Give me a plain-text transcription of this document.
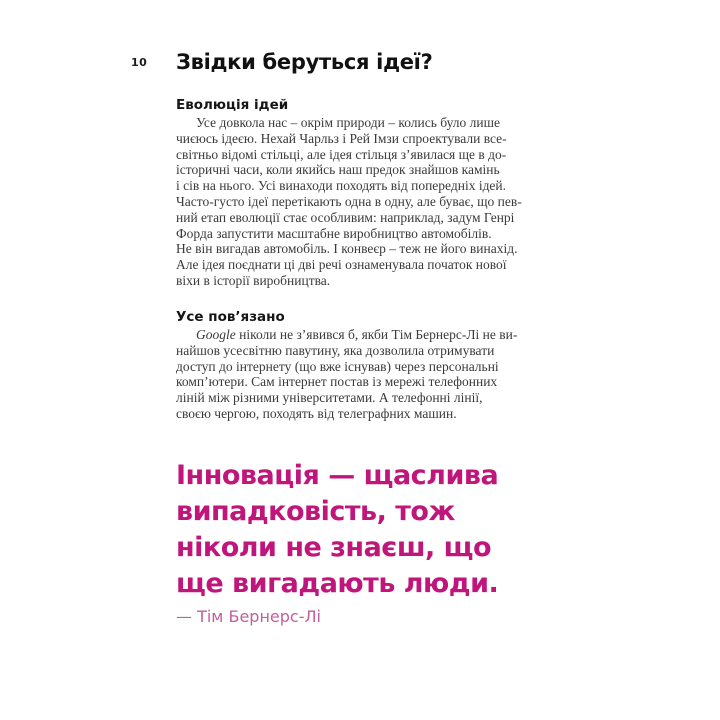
10 Звідки беруться ідеї?
Еволюція ідей

Усе довкола нас – окрім природи – колись було лише
чиєюсь ідеєю. Нехай Чарльз і Рей Імзи спроектували все-
світньо відомі стільці, але ідея стільця з’явилася ще в до-
історичні часи, коли якийсь наш предок знайшов камінь
і сів на нього. Усі винаходи походять від попередніх ідей.
Часто-густо ідеї перетікають одна в одну, але буває, що пев-
ний етап еволюції стає особливим: наприклад, задум Генрі
Форда запустити масштабне виробництво автомобілів.
Не він вигадав автомобіль. І конвеєр – теж не його винахід.
Але ідея поєднати ці дві речі ознаменувала початок нової
віхи в історії виробництва.

Усе пов’язано

Google ніколи не з’явився б, якби Тім Бернерс-Лі не ви-
найшов усесвітню павутину, яка дозволила отримувати
доступ до інтернету (що вже існував) через персональні
комп’ютери. Сам інтернет постав із мережі телефонних
ліній між різними університетами. А телефонні лінії,
своєю чергою, походять від телеграфних машин.

Інновація — щаслива
випадковість, тож
ніколи не знаєш, що
ще вигадають люди.

— Тім Бернерс-Лі
